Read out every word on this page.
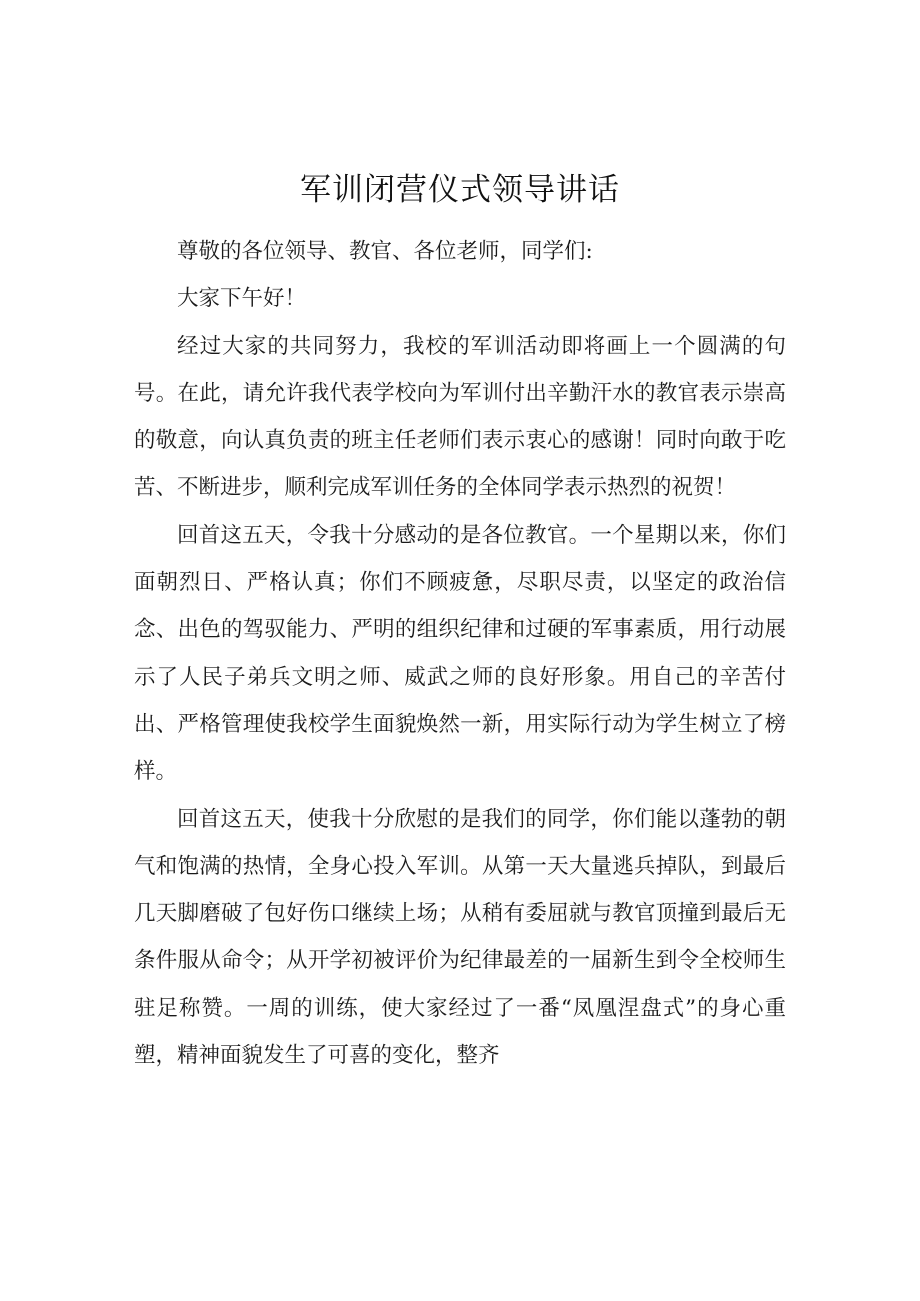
军训闭营仪式领导讲话

尊敬的各位领导、教官、各位老师，同学们:

大家下午好！

经过大家的共同努力，我校的军训活动即将画上一个圆满的句号。在此，请允许我代表学校向为军训付出辛勤汗水的教官表示崇高的敬意，向认真负责的班主任老师们表示衷心的感谢！同时向敢于吃苦、不断进步，顺利完成军训任务的全体同学表示热烈的祝贺！

回首这五天，令我十分感动的是各位教官。一个星期以来，你们面朝烈日、严格认真；你们不顾疲惫，尽职尽责，以坚定的政治信念、出色的驾驭能力、严明的组织纪律和过硬的军事素质，用行动展示了人民子弟兵文明之师、威武之师的良好形象。用自己的辛苦付出、严格管理使我校学生面貌焕然一新，用实际行动为学生树立了榜样。

回首这五天，使我十分欣慰的是我们的同学，你们能以蓬勃的朝气和饱满的热情，全身心投入军训。从第一天大量逃兵掉队，到最后几天脚磨破了包好伤口继续上场；从稍有委屈就与教官顶撞到最后无条件服从命令；从开学初被评价为纪律最差的一届新生到令全校师生驻足称赞。一周的训练，使大家经过了一番“凤凰涅盘式”的身心重塑，精神面貌发生了可喜的变化，整齐
